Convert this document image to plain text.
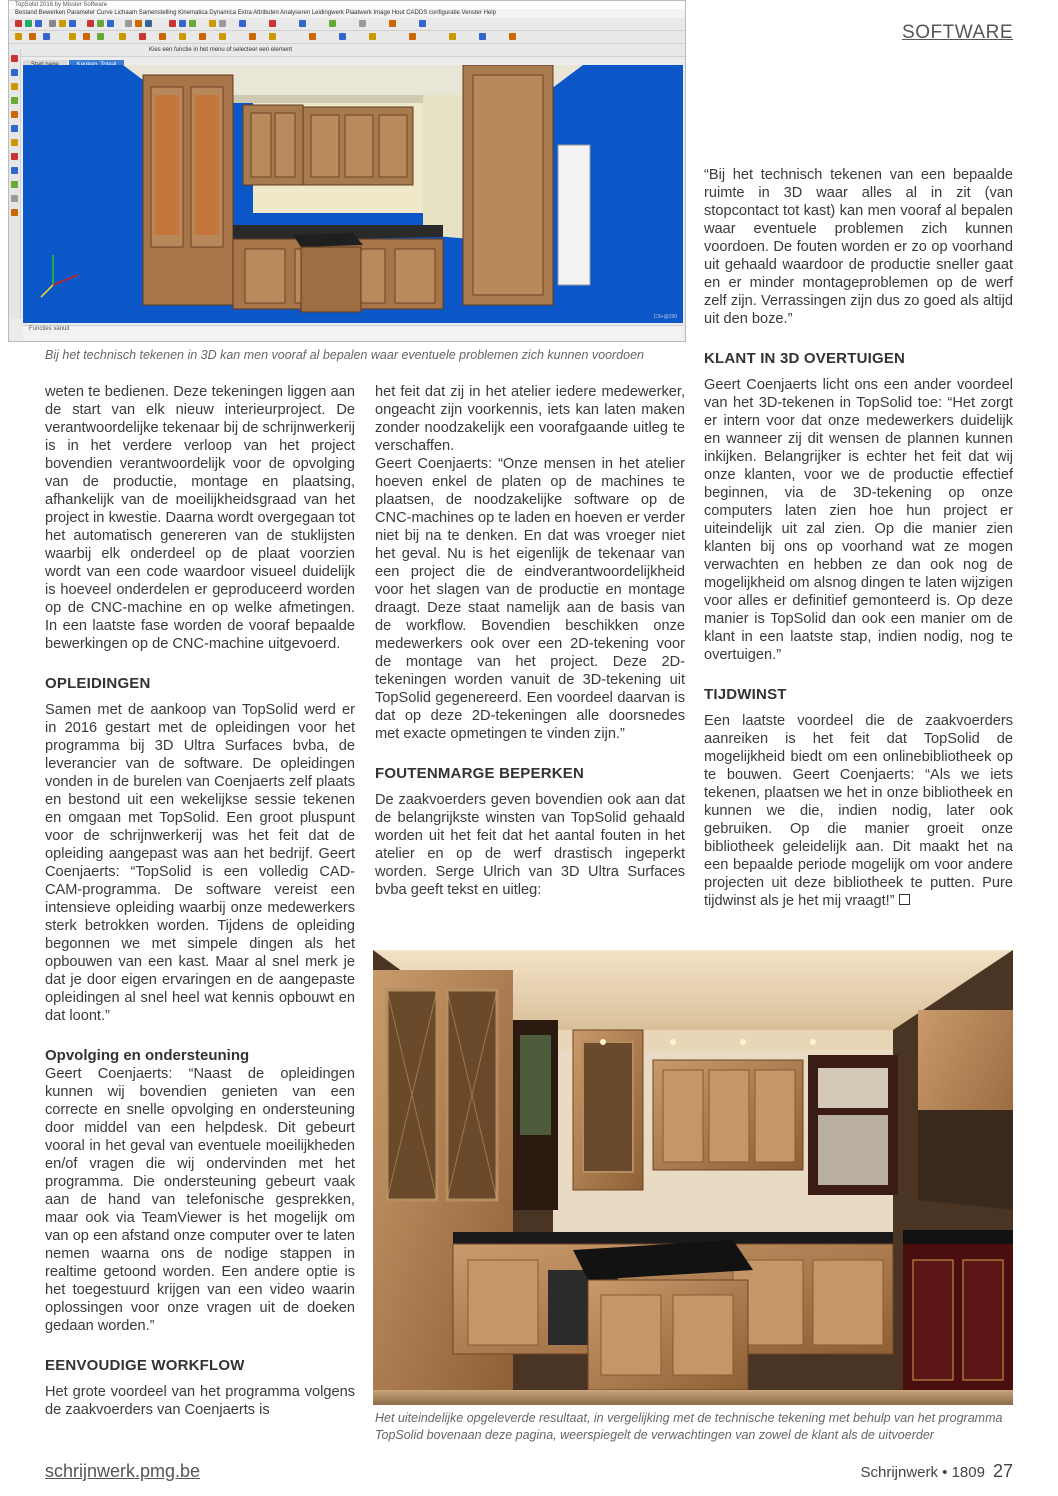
SOFTWARE
TopSolid 2016 by Missler Software
Bestand Bewerken Parameter Curve Lichaam Samenstelling Kinematica Dynamica Extra Attributen Analyseren Leidingwerk Plaatwerk Image Hout CADDS configuratie Venster Help
Kies een functie in het menu of selecteer een element
CS+@190
Functies vanuit
Bij het technisch tekenen in 3D kan men vooraf al bepalen waar eventuele problemen zich kunnen voordoen

weten te bedienen. Deze tekeningen liggen aan de start van elk nieuw interieurproject. De verantwoordelijke tekenaar bij de schrijnwerkerij is in het verdere verloop van het project bovendien verantwoordelijk voor de opvolging van de productie, montage en plaatsing, afhankelijk van de moeilijkheidsgraad van het project in kwestie. Daarna wordt overgegaan tot het automatisch genereren van de stuklijsten waarbij elk onderdeel op de plaat voorzien wordt van een code waardoor visueel duidelijk is hoeveel onderdelen er geproduceerd worden op de CNC-machine en op welke afmetingen. In een laatste fase worden de vooraf bepaalde bewerkingen op de CNC-machine uitgevoerd.

OPLEIDINGEN

Samen met de aankoop van TopSolid werd er in 2016 gestart met de opleidingen voor het programma bij 3D Ultra Surfaces bvba, de leverancier van de software. De opleidingen vonden in de burelen van Coenjaerts zelf plaats en bestond uit een wekelijkse sessie tekenen en omgaan met TopSolid. Een groot pluspunt voor de schrijnwerkerij was het feit dat de opleiding aangepast was aan het bedrijf. Geert Coenjaerts: “TopSolid is een volledig CAD-CAM-programma. De software vereist een intensieve opleiding waarbij onze medewerkers sterk betrokken worden. Tijdens de opleiding begonnen we met simpele dingen als het opbouwen van een kast. Maar al snel merk je dat je door eigen ervaringen en de aangepaste opleidingen al snel heel wat kennis opbouwt en dat loont.”

Opvolging en ondersteuning

Geert Coenjaerts: “Naast de opleidingen kunnen wij bovendien genieten van een correcte en snelle opvolging en ondersteuning door middel van een helpdesk. Dit gebeurt vooral in het geval van eventuele moeilijkheden en/of vragen die wij ondervinden met het programma. Die ondersteuning gebeurt vaak aan de hand van telefonische gesprekken, maar ook via TeamViewer is het mogelijk om van op een afstand onze computer over te laten nemen waarna ons de nodige stappen in realtime getoond worden. Een andere optie is het toegestuurd krijgen van een video waarin oplossingen voor onze vragen uit de doeken gedaan worden.”

EENVOUDIGE WORKFLOW

Het grote voordeel van het programma volgens de zaakvoerders van Coenjaerts is

het feit dat zij in het atelier iedere medewerker, ongeacht zijn voorkennis, iets kan laten maken zonder noodzakelijk een voorafgaande uitleg te verschaffen.

Geert Coenjaerts: “Onze mensen in het atelier hoeven enkel de platen op de machines te plaatsen, de noodzakelijke software op de CNC-machines op te laden en hoeven er verder niet bij na te denken. En dat was vroeger niet het geval. Nu is het eigenlijk de tekenaar van een project die de eindverantwoordelijkheid voor het slagen van de productie en montage draagt. Deze staat namelijk aan de basis van de workflow. Bovendien beschikken onze medewerkers ook over een 2D-tekening voor de montage van het project. Deze 2D-tekeningen worden vanuit de 3D-tekening uit TopSolid gegenereerd. Een voordeel daarvan is dat op deze 2D-tekeningen alle doorsnedes met exacte opmetingen te vinden zijn.”

FOUTENMARGE BEPERKEN

De zaakvoerders geven bovendien ook aan dat de belangrijkste winsten van TopSolid gehaald worden uit het feit dat het aantal fouten in het atelier en op de werf drastisch ingeperkt worden. Serge Ulrich van 3D Ultra Surfaces bvba geeft tekst en uitleg:

“Bij het technisch tekenen van een bepaalde ruimte in 3D waar alles al in zit (van stopcontact tot kast) kan men vooraf al bepalen waar eventuele problemen zich kunnen voordoen. De fouten worden er zo op voorhand uit gehaald waardoor de productie sneller gaat en er minder montageproblemen op de werf zelf zijn. Verrassingen zijn dus zo goed als altijd uit den boze.”

KLANT IN 3D OVERTUIGEN

Geert Coenjaerts licht ons een ander voordeel van het 3D-tekenen in TopSolid toe: “Het zorgt er intern voor dat onze medewerkers duidelijk en wanneer zij dit wensen de plannen kunnen inkijken. Belangrijker is echter het feit dat wij onze klanten, voor we de productie effectief beginnen, via de 3D-tekening op onze computers laten zien hoe hun project er uiteindelijk uit zal zien. Op die manier zien klanten bij ons op voorhand wat ze mogen verwachten en hebben ze dan ook nog de mogelijkheid om alsnog dingen te laten wijzigen voor alles er definitief gemonteerd is. Op deze manier is TopSolid dan ook een manier om de klant in een laatste stap, indien nodig, nog te overtuigen.”

TIJDWINST

Een laatste voordeel die de zaakvoerders aanreiken is het feit dat TopSolid de mogelijkheid biedt om een onlinebibliotheek op te bouwen. Geert Coenjaerts: “Als we iets tekenen, plaatsen we het in onze bibliotheek en kunnen we die, indien nodig, later ook gebruiken. Op die manier groeit onze bibliotheek geleidelijk aan. Dit maakt het na een bepaalde periode mogelijk om voor andere projecten uit deze bibliotheek te putten. Pure tijdwinst als je het mij vraagt!”

Het uiteindelijke opgeleverde resultaat, in vergelijking met de technische tekening met behulp van het programma TopSolid bovenaan deze pagina, weerspiegelt de verwachtingen van zowel de klant als de uitvoerder
schrijnwerk.pmg.be	Schrijnwerk • 1809 27
